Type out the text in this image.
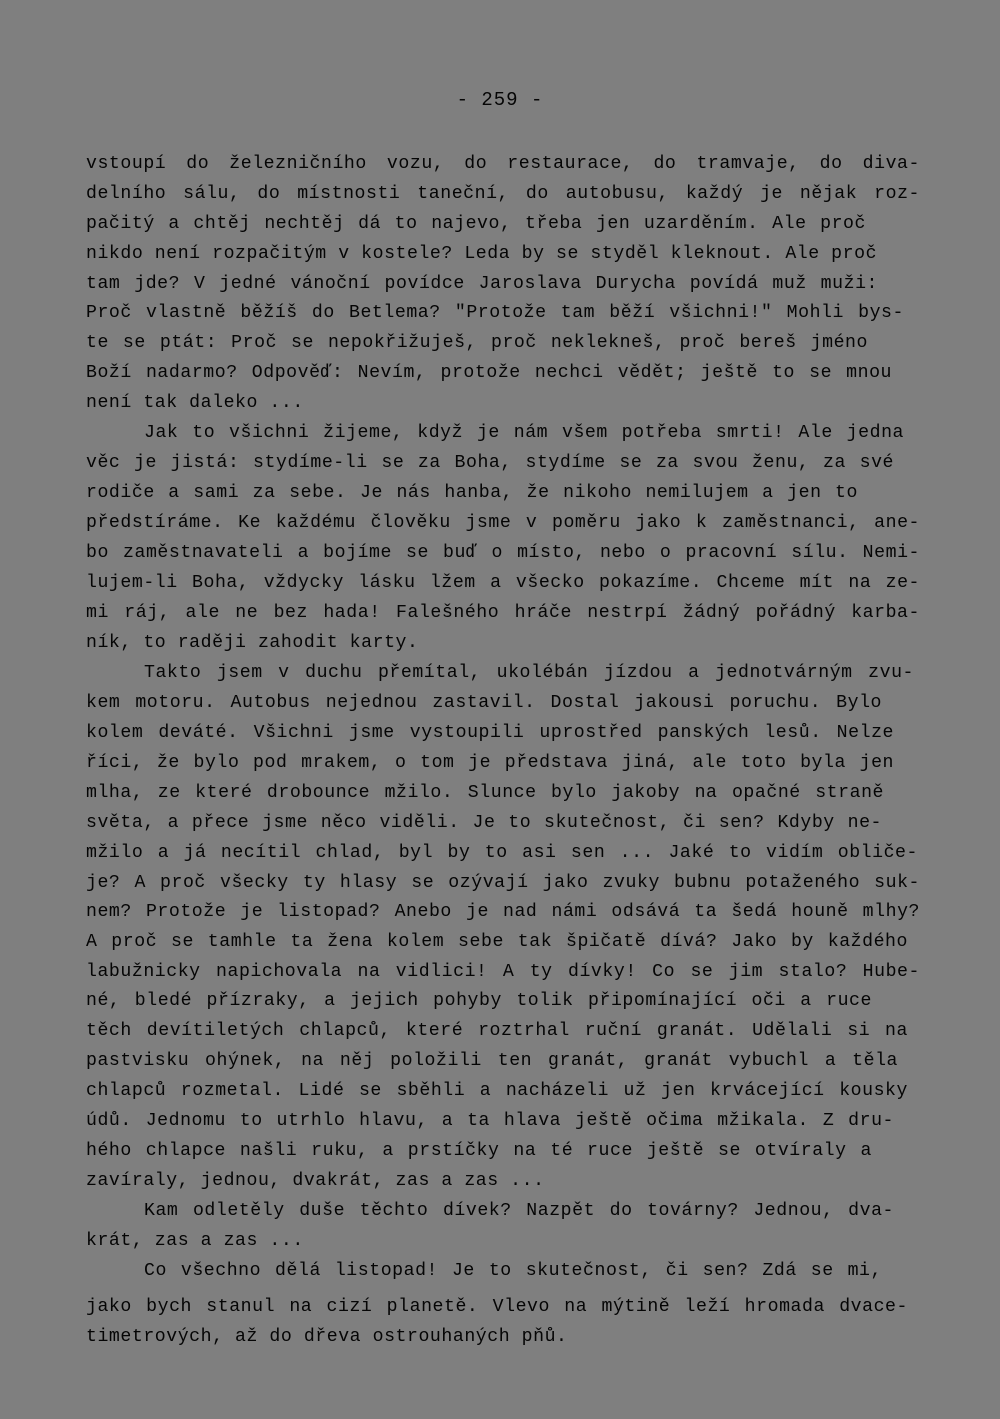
- 259 -
vstoupí do železničního vozu, do restaurace, do tramvaje, do diva-
delního sálu, do místnosti taneční, do autobusu, každý je nějak roz-
pačitý a chtěj nechtěj dá to najevo, třeba jen uzarděním. Ale proč
nikdo není rozpačitým v kostele? Leda by se styděl kleknout. Ale proč
tam jde? V jedné vánoční povídce Jaroslava Durycha povídá muž muži:
Proč vlastně běžíš do Betlema? "Protože tam běží všichni!" Mohli bys-
te se ptát: Proč se nepokřižuješ, proč neklekneš, proč bereš jméno
Boží nadarmo? Odpověď: Nevím, protože nechci vědět; ještě to se mnou
není tak daleko ...
Jak to všichni žijeme, když je nám všem potřeba smrti! Ale jedna
věc je jistá: stydíme-li se za Boha, stydíme se za svou ženu, za své
rodiče a sami za sebe. Je nás hanba, že nikoho nemilujem a jen to
předstíráme. Ke každému člověku jsme v poměru jako k zaměstnanci, ane-
bo zaměstnavateli a bojíme se buď o místo, nebo o pracovní sílu. Nemi-
lujem-li Boha, vždycky lásku lžem a všecko pokazíme. Chceme mít na ze-
mi ráj, ale ne bez hada! Falešného hráče nestrpí žádný pořádný karba-
ník, to raději zahodit karty.
Takto jsem v duchu přemítal, ukolébán jízdou a jednotvárným zvu-
kem motoru. Autobus nejednou zastavil. Dostal jakousi poruchu. Bylo
kolem deváté. Všichni jsme vystoupili uprostřed panských lesů. Nelze
říci, že bylo pod mrakem, o tom je představa jiná, ale toto byla jen
mlha, ze které drobounce mžilo. Slunce bylo jakoby na opačné straně
světa, a přece jsme něco viděli. Je to skutečnost, či sen? Kdyby ne-
mžilo a já necítil chlad, byl by to asi sen ... Jaké to vidím obliče-
je? A proč všecky ty hlasy se ozývají jako zvuky bubnu potaženého suk-
nem? Protože je listopad? Anebo je nad námi odsává ta šedá houně mlhy?
A proč se tamhle ta žena kolem sebe tak špičatě dívá? Jako by každého
labužnicky napichovala na vidlici! A ty dívky! Co se jim stalo? Hube-
né, bledé přízraky, a jejich pohyby tolik připomínající oči a ruce
těch devítiletých chlapců, které roztrhal ruční granát. Udělali si na
pastvisku ohýnek, na něj položili ten granát, granát vybuchl a těla
chlapců rozmetal. Lidé se sběhli a nacházeli už jen krvácející kousky
údů. Jednomu to utrhlo hlavu, a ta hlava ještě očima mžikala. Z dru-
hého chlapce našli ruku, a prstíčky na té ruce ještě se otvíraly a
zavíraly, jednou, dvakrát, zas a zas ...
Kam odletěly duše těchto dívek? Nazpět do továrny? Jednou, dva-
krát, zas a zas ...
Co všechno dělá listopad! Je to skutečnost, či sen? Zdá se mi,
jako bych stanul na cizí planetě. Vlevo na mýtině leží hromada dvace-
timetrových, až do dřeva ostrouhaných pňů.
